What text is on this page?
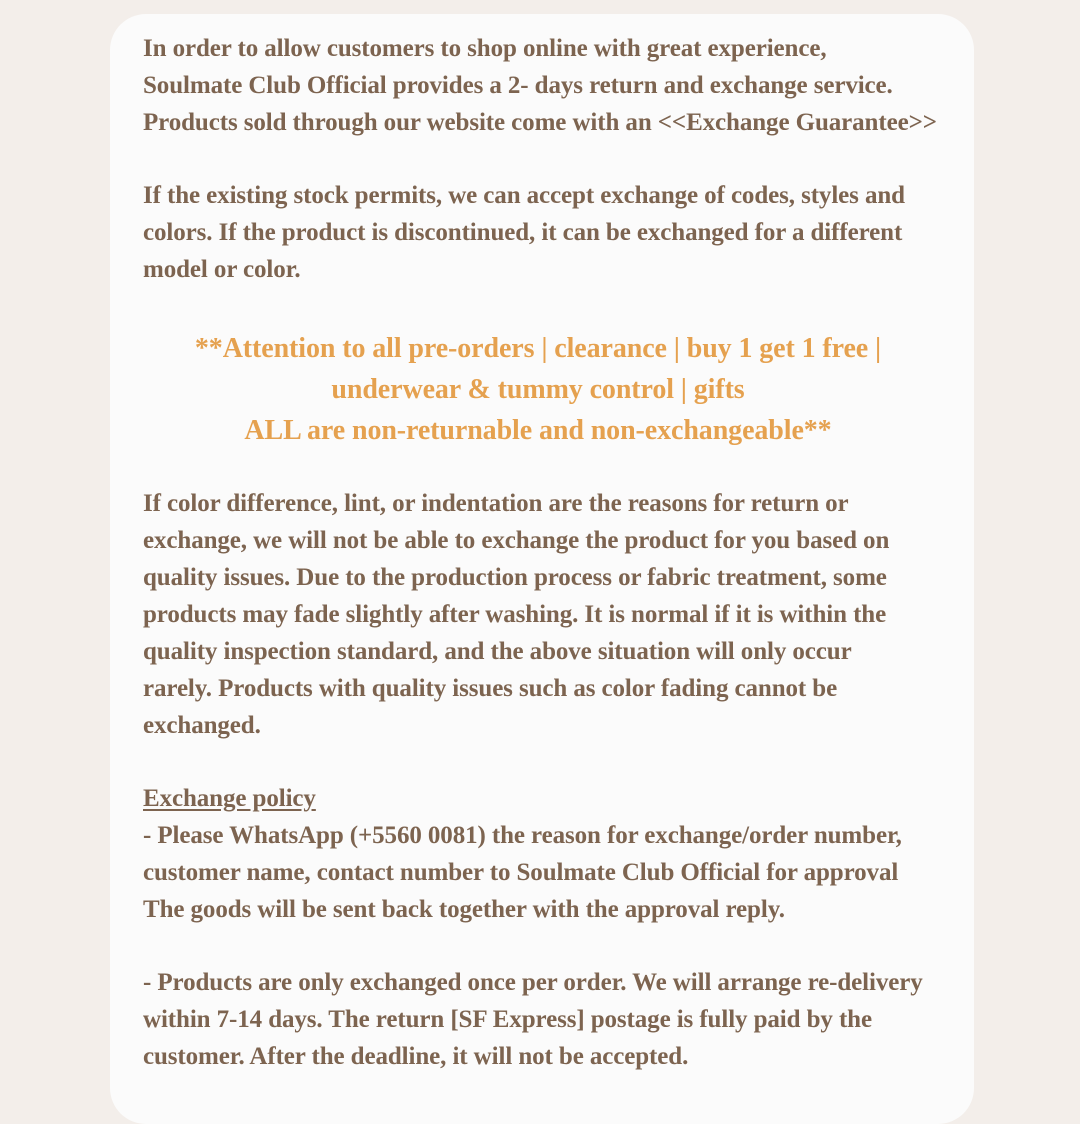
In order to allow customers to shop online with great experience,
Soulmate Club Official provides a 2- days return and exchange service.
Products sold through our website come with an <<Exchange Guarantee>>

If the existing stock permits, we can accept exchange of codes, styles and
colors. If the product is discontinued, it can be exchanged for a different
model or color.

**Attention to all pre-orders | clearance | buy 1 get 1 free |
underwear & tummy control | gifts
ALL are non-returnable and non-exchangeable**

If color difference, lint, or indentation are the reasons for return or
exchange, we will not be able to exchange the product for you based on
quality issues. Due to the production process or fabric treatment, some
products may fade slightly after washing. It is normal if it is within the
quality inspection standard, and the above situation will only occur
rarely. Products with quality issues such as color fading cannot be
exchanged.

Exchange policy
- Please WhatsApp (+5560 0081) the reason for exchange/order number,
customer name, contact number to Soulmate Club Official for approval
The goods will be sent back together with the approval reply.

- Products are only exchanged once per order. We will arrange re-delivery
within 7-14 days. The return [SF Express] postage is fully paid by the
customer. After the deadline, it will not be accepted.
